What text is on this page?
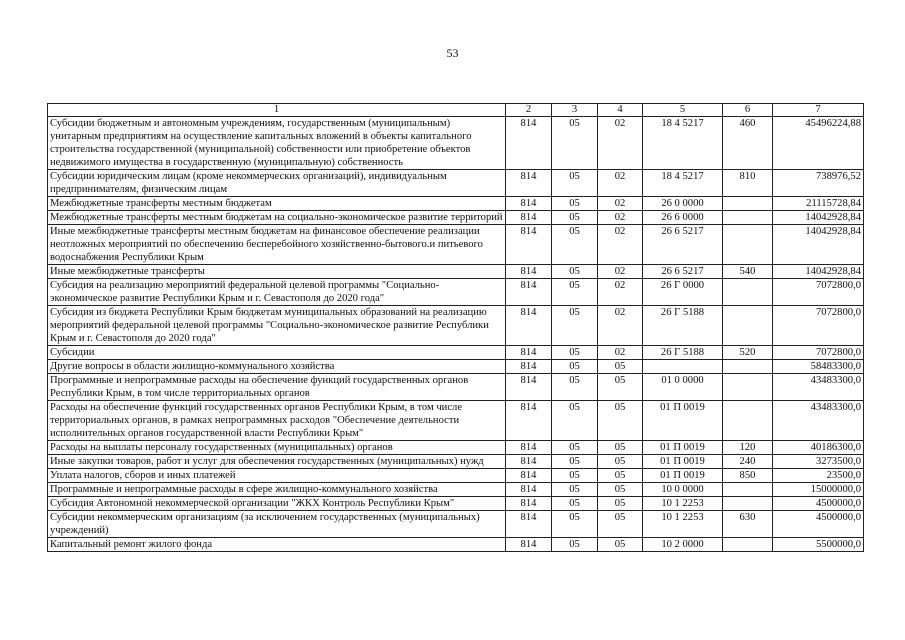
53
1	2	3	4	5	6	7
Субсидии бюджетным и автономным учреждениям, государственным (муниципальным) унитарным предприятиям на осуществление капитальных вложений в объекты капитального строительства государственной (муниципальной) собственности или приобретение объектов недвижимого имущества в государственную (муниципальную) собственность	814	05	02	18 4 5217	460	45496224,88
Субсидии юридическим лицам (кроме некоммерческих организаций), индивидуальным предпринимателям, физическим лицам	814	05	02	18 4 5217	810	738976,52
Межбюджетные трансферты местным бюджетам	814	05	02	26 0 0000		21115728,84
Межбюджетные трансферты местным бюджетам на социально-экономическое развитие территорий	814	05	02	26 6 0000		14042928,84
Иные межбюджетные трансферты местным бюджетам на финансовое обеспечение реализации неотложных мероприятий по обеспечению бесперебойного хозяйственно-бытового.и питьевого водоснабжения Республики Крым	814	05	02	26 6 5217		14042928,84
Иные межбюджетные трансферты	814	05	02	26 6 5217	540	14042928,84
Субсидия на реализацию мероприятий федеральной целевой программы "Социально-экономическое развитие Республики Крым и г. Севастополя до 2020 года"	814	05	02	26 Г 0000		7072800,0
Субсидия из бюджета Республики Крым бюджетам муниципальных образований на реализацию мероприятий федеральной целевой программы "Социально-экономическое развитие Республики Крым и г. Севастополя до 2020 года"	814	05	02	26 Г 5188		7072800,0
Субсидии	814	05	02	26 Г 5188	520	7072800,0
Другие вопросы в области жилищно-коммунального хозяйства	814	05	05			58483300,0
Программные и непрограммные расходы на обеспечение функций государственных органов Республики Крым, в том числе территориальных органов	814	05	05	01 0 0000		43483300,0
Расходы на обеспечение функций государственных органов Республики Крым, в том числе территориальных органов, в рамках непрограммных расходов "Обеспечение деятельности исполнительных органов государственной власти Республики Крым"	814	05	05	01 П 0019		43483300,0
Расходы на выплаты персоналу государственных (муниципальных) органов	814	05	05	01 П 0019	120	40186300,0
Иные закупки товаров, работ и услуг для обеспечения государственных (муниципальных) нужд	814	05	05	01 П 0019	240	3273500,0
Уплата налогов, сборов и иных платежей	814	05	05	01 П 0019	850	23500,0
Программные и непрограммные расходы в сфере жилищно-коммунального хозяйства	814	05	05	10 0 0000		15000000,0
Субсидия Автономной некоммерческой организации "ЖКХ Контроль Республики Крым"	814	05	05	10 1 2253		4500000,0
Субсидии некоммерческим организациям (за исключением государственных (муниципальных) учреждений)	814	05	05	10 1 2253	630	4500000,0
Капитальный ремонт жилого фонда	814	05	05	10 2 0000		5500000,0
